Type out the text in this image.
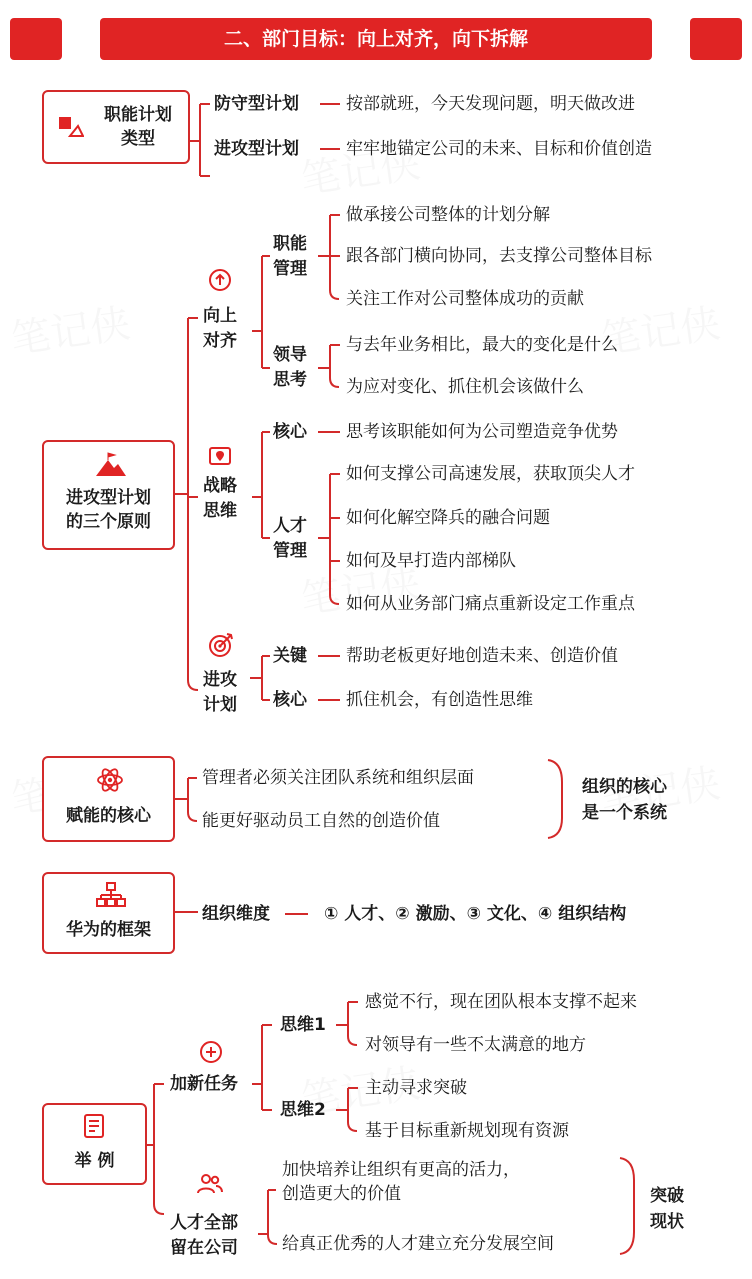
二、部门目标：向上对齐，向下拆解
职能计划
类型
防守型计划	按部就班，今天发现问题，明天做改进
进攻型计划	牢牢地锚定公司的未来、目标和价值创造
进攻型计划
的三个原则
向上
对齐
职能
管理
做承接公司整体的计划分解
跟各部门横向协同，去支撑公司整体目标
关注工作对公司整体成功的贡献
领导
思考
与去年业务相比，最大的变化是什么
为应对变化、抓住机会该做什么
战略
思维
核心 思考该职能如何为公司塑造竞争优势
人才
管理
如何支撑公司高速发展，获取顶尖人才
如何化解空降兵的融合问题
如何及早打造内部梯队
如何从业务部门痛点重新设定工作重点
进攻
计划
关键 帮助老板更好地创造未来、创造价值
核心 抓住机会，有创造性思维
赋能的核心
管理者必须关注团队系统和组织层面
能更好驱动员工自然的创造价值
组织的核心
是一个系统
华为的框架
组织维度	① 人才、② 激励、③ 文化、④ 组织结构
举 例
加新任务
思维1
感觉不行，现在团队根本支撑不起来
对领导有一些不太满意的地方
思维2
主动寻求突破
基于目标重新规划现有资源
人才全部
留在公司
加快培养让组织有更高的活力，
创造更大的价值
给真正优秀的人才建立充分发展空间
突破
现状
